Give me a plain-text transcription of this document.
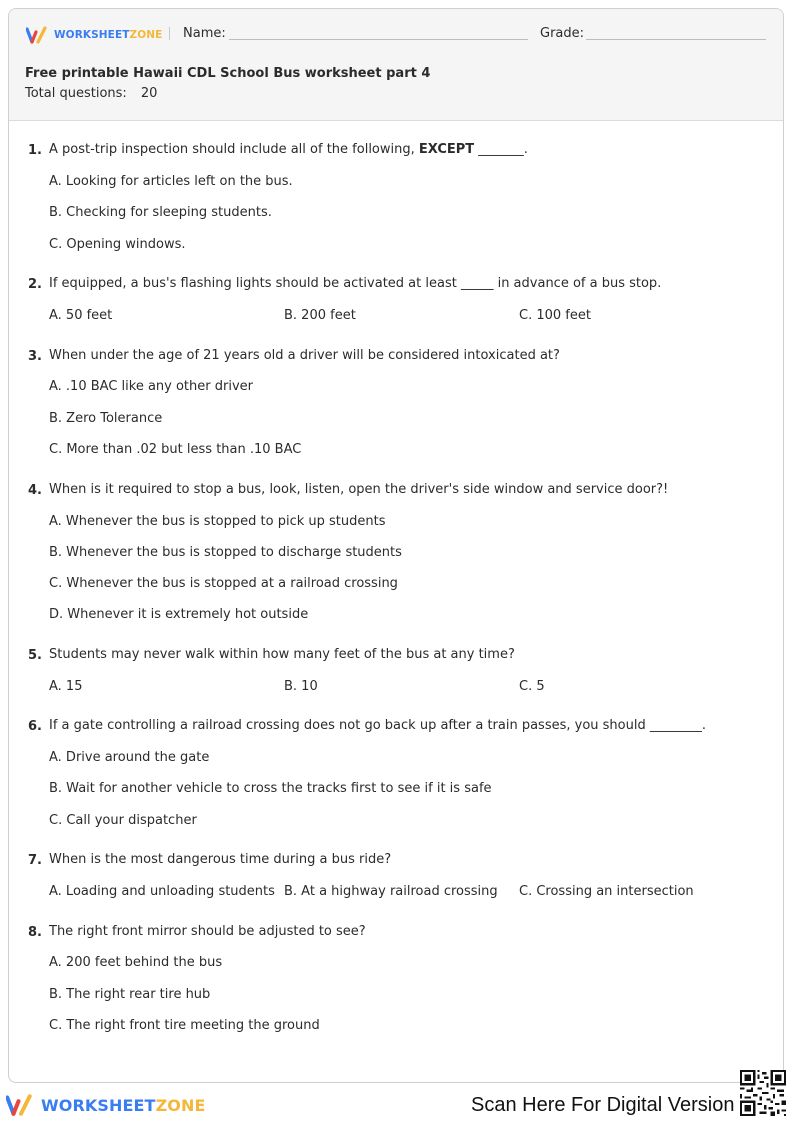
WORKSHEETZONE Name:	Grade:
Free printable Hawaii CDL School Bus worksheet part 4
Total questions: 20
1. A post-trip inspection should include all of the following, EXCEPT _______.
A. Looking for articles left on the bus.
B. Checking for sleeping students.
C. Opening windows.
2. If equipped, a bus's flashing lights should be activated at least _____ in advance of a bus stop.
A. 50 feet	B. 200 feet	C. 100 feet
3. When under the age of 21 years old a driver will be considered intoxicated at?
A. .10 BAC like any other driver
B. Zero Tolerance
C. More than .02 but less than .10 BAC
4. When is it required to stop a bus, look, listen, open the driver's side window and service door?!
A. Whenever the bus is stopped to pick up students
B. Whenever the bus is stopped to discharge students
C. Whenever the bus is stopped at a railroad crossing
D. Whenever it is extremely hot outside
5. Students may never walk within how many feet of the bus at any time?
A. 15	B. 10	C. 5
6. If a gate controlling a railroad crossing does not go back up after a train passes, you should ________.
A. Drive around the gate
B. Wait for another vehicle to cross the tracks first to see if it is safe
C. Call your dispatcher
7. When is the most dangerous time during a bus ride?
A. Loading and unloading students B. At a highway railroad crossing C. Crossing an intersection
8. The right front mirror should be adjusted to see?
A. 200 feet behind the bus
B. The right rear tire hub
C. The right front tire meeting the ground
WORKSHEETZONE	Scan Here For Digital Version
